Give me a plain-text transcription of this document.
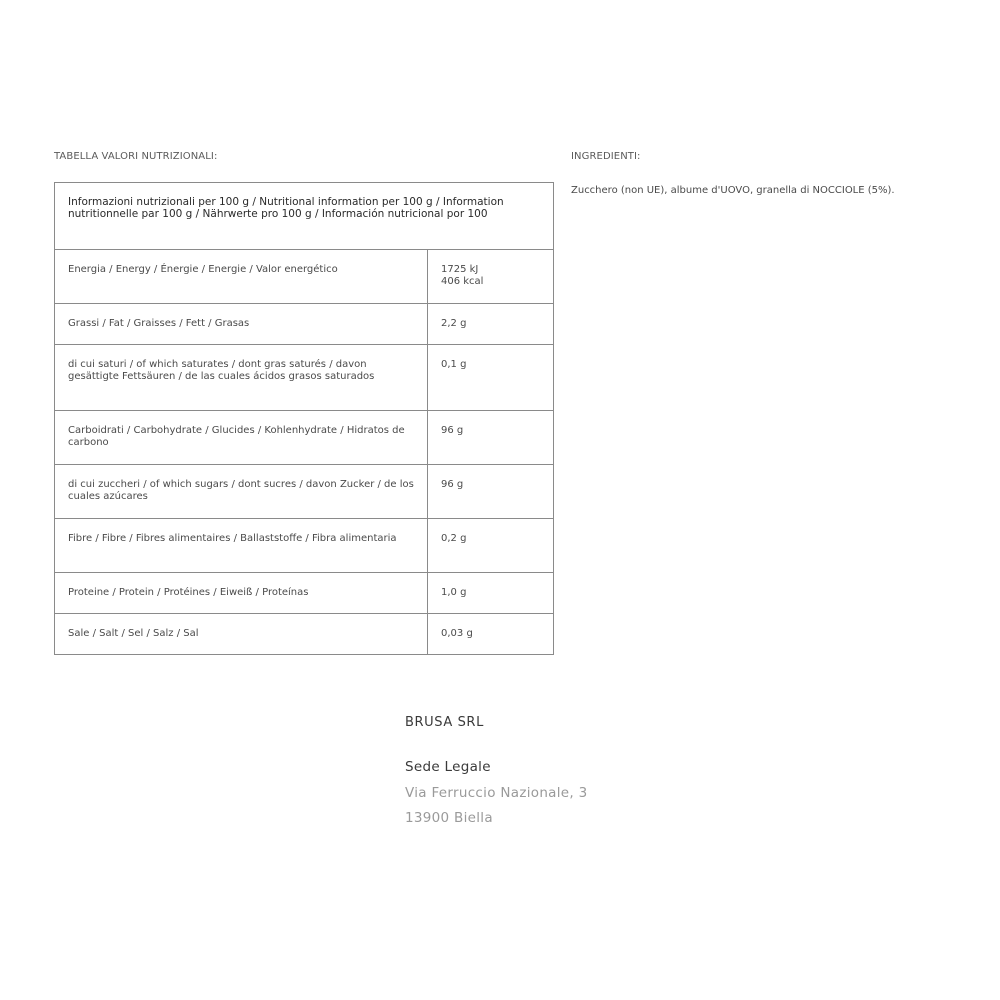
TABELLA VALORI NUTRIZIONALI:	INGREDIENTI:
Zucchero (non UE), albume d'UOVO, granella di NOCCIOLE (5%).
Informazioni nutrizionali per 100 g / Nutritional information per 100 g / Information nutritionnelle par 100 g / Nährwerte pro 100 g / Información nutricional por 100	
Energia / Energy / Énergie / Energie / Valor energético	1725 kJ
406 kcal

Grassi / Fat / Graisses / Fett / Grasas	2,2 g
di cui saturi / of which saturates / dont gras saturés / davon gesättigte Fettsäuren / de las cuales ácidos grasos saturados	0,1 g
Carboidrati / Carbohydrate / Glucides / Kohlenhydrate / Hidratos de carbono	96 g
di cui zuccheri / of which sugars / dont sucres / davon Zucker / de los cuales azúcares	96 g
Fibre / Fibre / Fibres alimentaires / Ballaststoffe / Fibra alimentaria	0,2 g
Proteine / Protein / Protéines / Eiweiß / Proteínas	1,0 g
Sale / Salt / Sel / Salz / Sal	0,03 g
BRUSA SRL
Sede Legale
Via Ferruccio Nazionale, 3
13900 Biella
